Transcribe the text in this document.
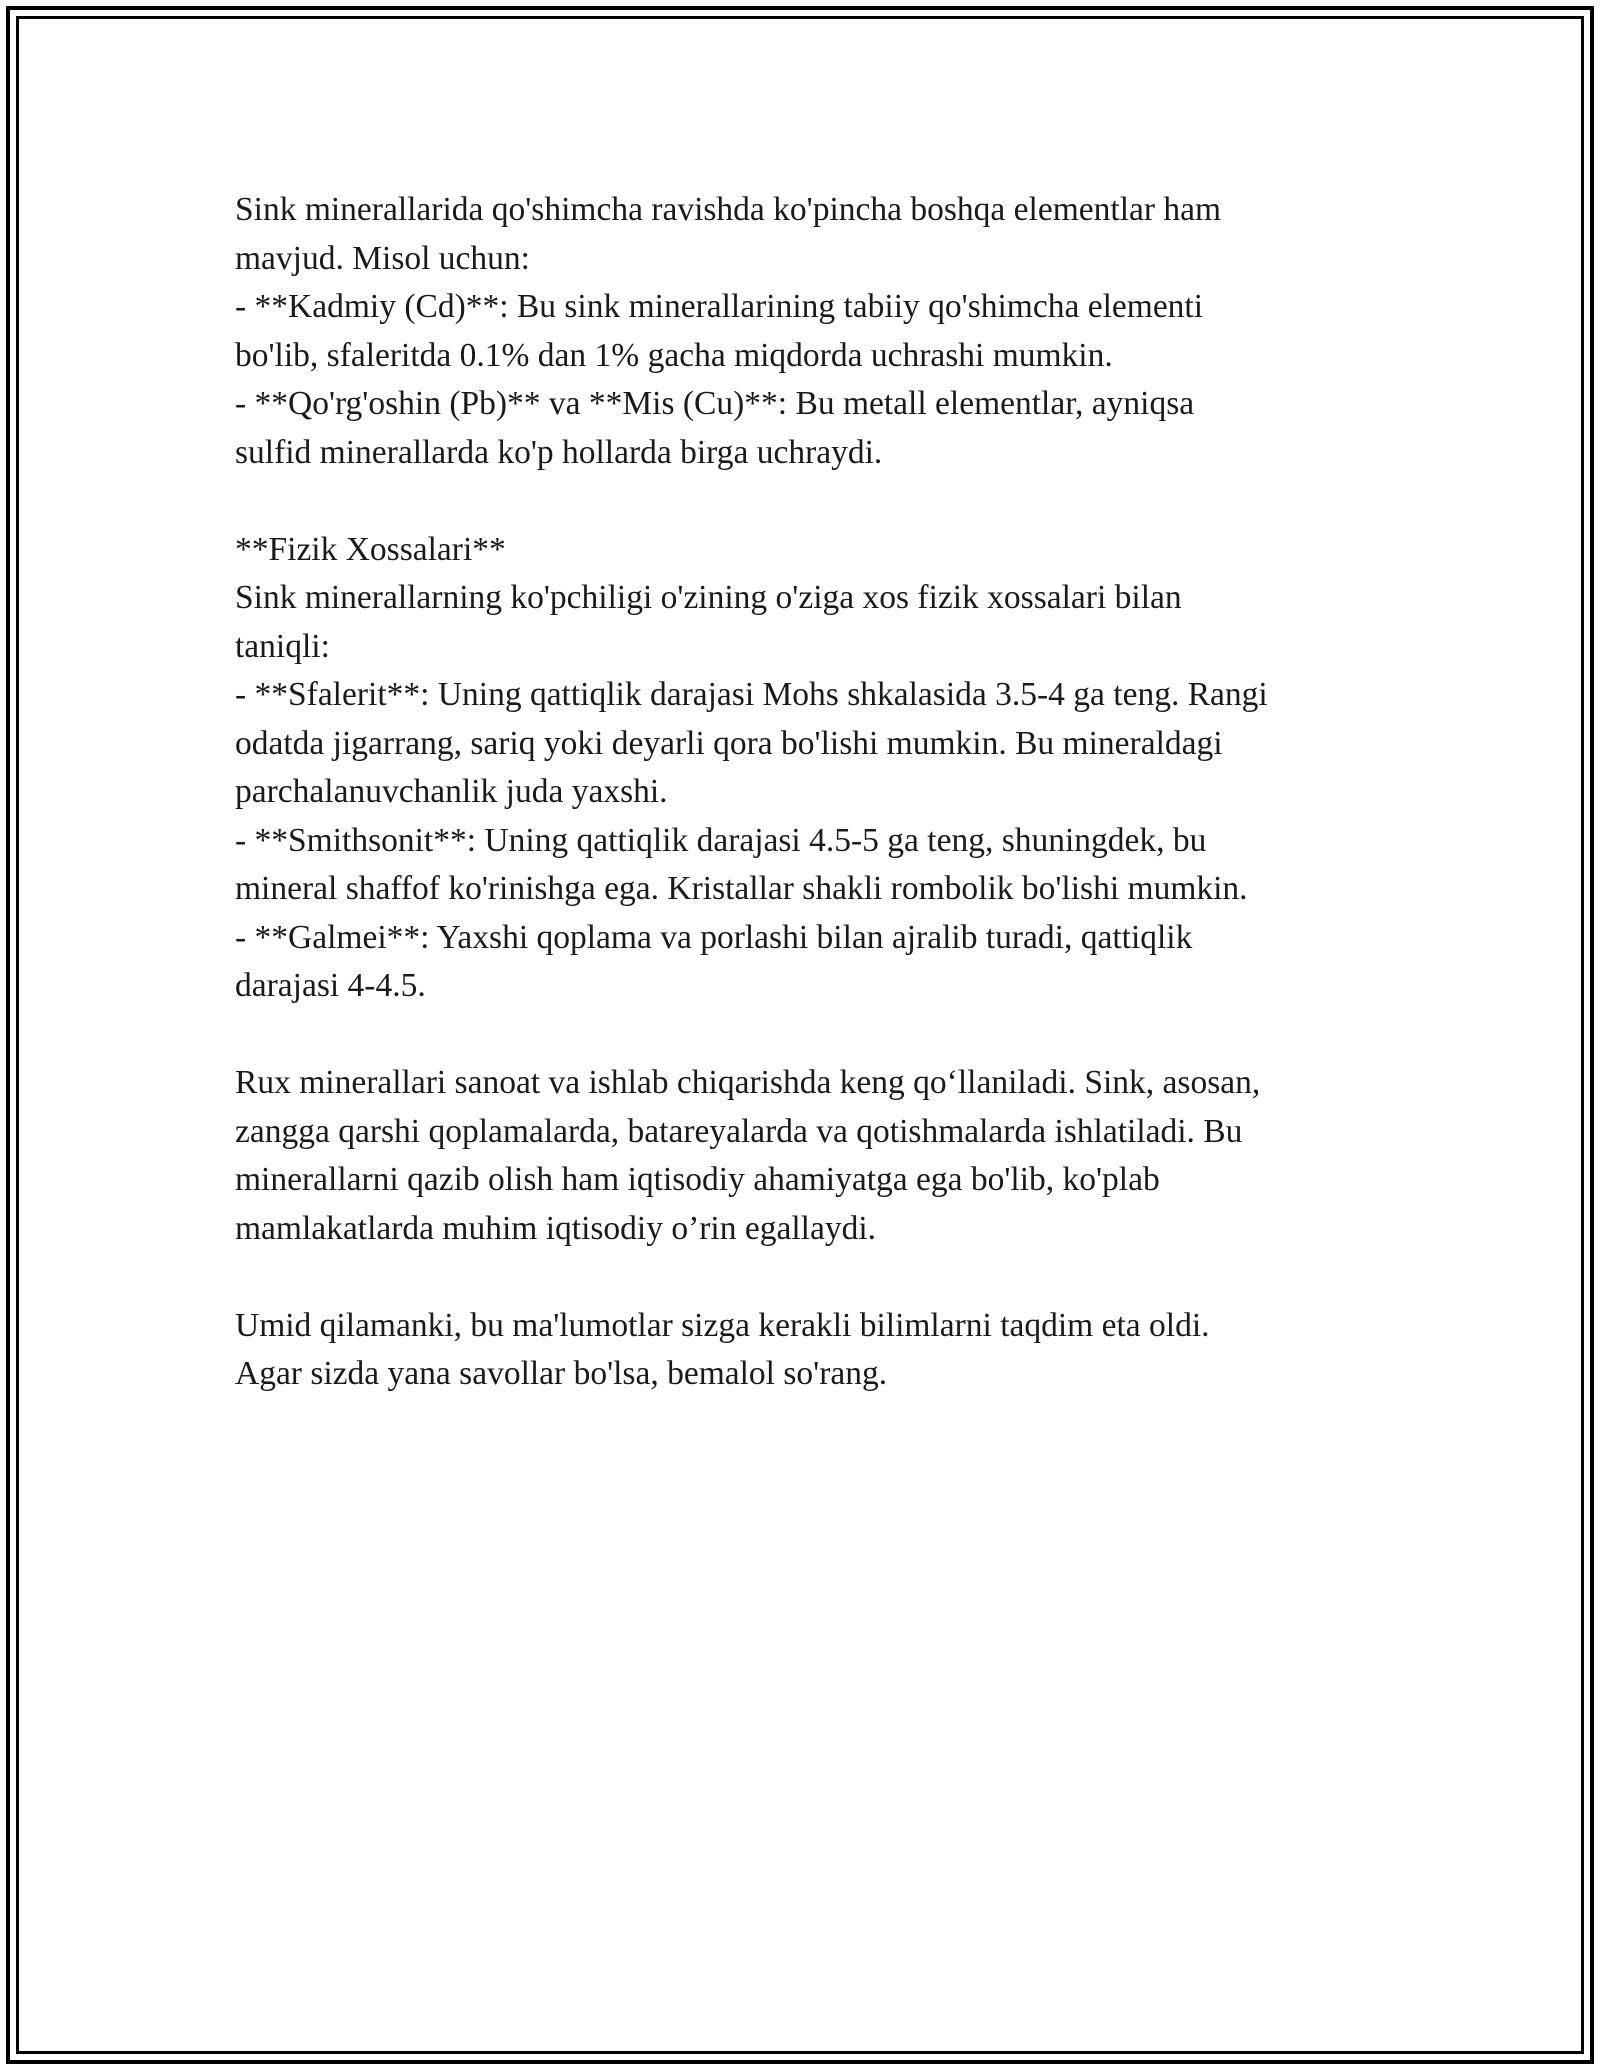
Sink minerallarida qo'shimcha ravishda ko'pincha boshqa elementlar ham
mavjud. Misol uchun:
- **Kadmiy (Cd)**: Bu sink minerallarining tabiiy qo'shimcha elementi
bo'lib, sfaleritda 0.1% dan 1% gacha miqdorda uchrashi mumkin.
- **Qo'rg'oshin (Pb)** va **Mis (Cu)**: Bu metall elementlar, ayniqsa
sulfid minerallarda ko'p hollarda birga uchraydi.
**Fizik Xossalari**
Sink minerallarning ko'pchiligi o'zining o'ziga xos fizik xossalari bilan
taniqli:
- **Sfalerit**: Uning qattiqlik darajasi Mohs shkalasida 3.5-4 ga teng. Rangi
odatda jigarrang, sariq yoki deyarli qora bo'lishi mumkin. Bu mineraldagi
parchalanuvchanlik juda yaxshi.
- **Smithsonit**: Uning qattiqlik darajasi 4.5-5 ga teng, shuningdek, bu
mineral shaffof ko'rinishga ega. Kristallar shakli rombolik bo'lishi mumkin.
- **Galmei**: Yaxshi qoplama va porlashi bilan ajralib turadi, qattiqlik
darajasi 4-4.5.
Rux minerallari sanoat va ishlab chiqarishda keng qo‘llaniladi. Sink, asosan,
zangga qarshi qoplamalarda, batareyalarda va qotishmalarda ishlatiladi. Bu
minerallarni qazib olish ham iqtisodiy ahamiyatga ega bo'lib, ko'plab
mamlakatlarda muhim iqtisodiy o’rin egallaydi.
Umid qilamanki, bu ma'lumotlar sizga kerakli bilimlarni taqdim eta oldi.
Agar sizda yana savollar bo'lsa, bemalol so'rang.
